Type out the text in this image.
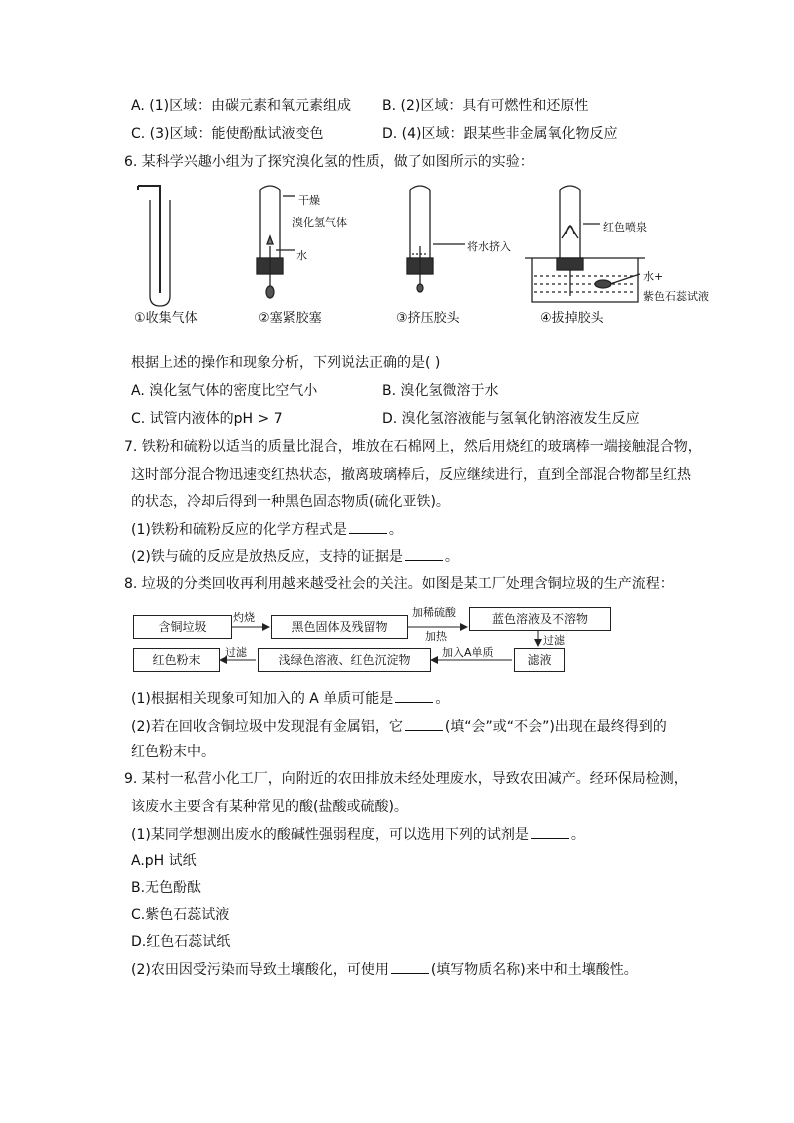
A. (1)区域：由碳元素和氧元素组成 B. (2)区域：具有可燃性和还原性
C. (3)区域：能使酚酞试液变色	D. (4)区域：跟某些非金属氧化物反应
6. 某科学兴趣小组为了探究溴化氢的性质，做了如图所示的实验：
干燥
溴化氢气体
水
将水挤入
红色喷泉
水+
紫色石蕊试液
①收集气体	②塞紧胶塞	③挤压胶头	④拔掉胶头
根据上述的操作和现象分析，下列说法正确的是( )
A. 溴化氢气体的密度比空气小	B. 溴化氢微溶于水
C. 试管内液体的pH > 7	D. 溴化氢溶液能与氢氧化钠溶液发生反应
7. 铁粉和硫粉以适当的质量比混合，堆放在石棉网上，然后用烧红的玻璃棒一端接触混合物，
这时部分混合物迅速变红热状态，撤离玻璃棒后，反应继续进行，直到全部混合物都呈红热
的状态，冷却后得到一种黑色固态物质(硫化亚铁)。
(1)铁粉和硫粉反应的化学方程式是	。
(2)铁与硫的反应是放热反应，支持的证据是	。
8. 垃圾的分类回收再利用越来越受社会的关注。如图是某工厂处理含铜垃圾的生产流程：
含铜垃圾	黑色固体及残留物
蓝色溶液及不溶物
滤液
浅绿色溶液、红色沉淀物
红色粉末
灼烧	加稀硫酸
加热	过滤
加入A单质
过滤
(1)根据相关现象可知加入的 A 单质可能是	。
(2)若在回收含铜垃圾中发现混有金属铝，它	(填“会”或“不会”)出现在最终得到的
红色粉末中。
9. 某村一私营小化工厂，向附近的农田排放未经处理废水，导致农田减产。经环保局检测，
该废水主要含有某种常见的酸(盐酸或硫酸)。
(1)某同学想测出废水的酸碱性强弱程度，可以选用下列的试剂是	。
A.pH 试纸
B.无色酚酞
C.紫色石蕊试液
D.红色石蕊试纸
(2)农田因受污染而导致土壤酸化，可使用	(填写物质名称)来中和土壤酸性。
